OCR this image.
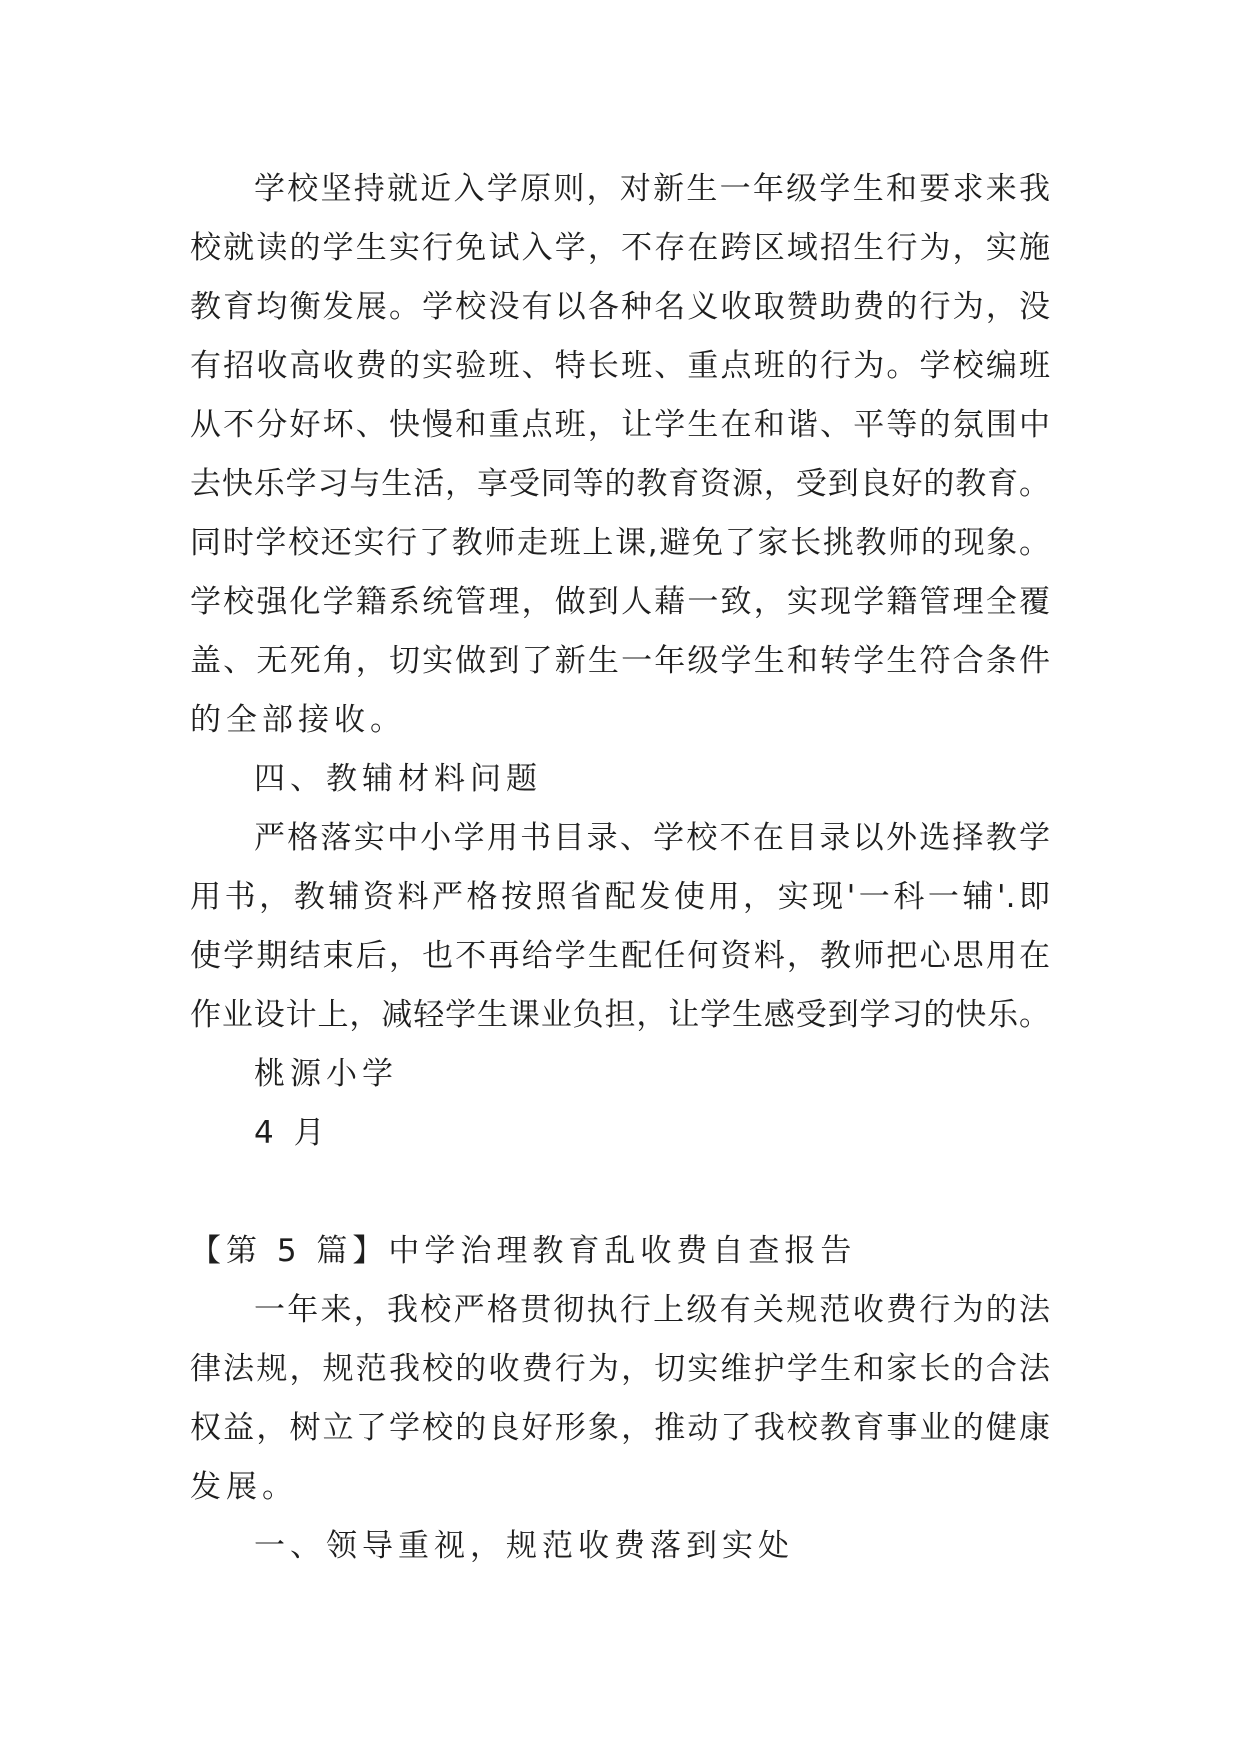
学校坚持就近入学原则，对新生一年级学生和要求来我
校就读的学生实行免试入学，不存在跨区域招生行为，实施
教育均衡发展。学校没有以各种名义收取赞助费的行为，没
有招收高收费的实验班、特长班、重点班的行为。学校编班
从不分好坏、快慢和重点班，让学生在和谐、平等的氛围中
去快乐学习与生活，享受同等的教育资源，受到良好的教育。
同时学校还实行了教师走班上课,避免了家长挑教师的现象。
学校强化学籍系统管理，做到人藉一致，实现学籍管理全覆
盖、无死角，切实做到了新生一年级学生和转学生符合条件
的全部接收。
四、教辅材料问题
严格落实中小学用书目录、学校不在目录以外选择教学
用书，教辅资料严格按照省配发使用，实现'一科一辅'.即
使学期结束后，也不再给学生配任何资料，教师把心思用在
作业设计上，减轻学生课业负担，让学生感受到学习的快乐。
桃源小学
4 月
【第 5 篇】中学治理教育乱收费自查报告
一年来，我校严格贯彻执行上级有关规范收费行为的法
律法规，规范我校的收费行为，切实维护学生和家长的合法
权益，树立了学校的良好形象，推动了我校教育事业的健康
发展。
一、领导重视，规范收费落到实处
